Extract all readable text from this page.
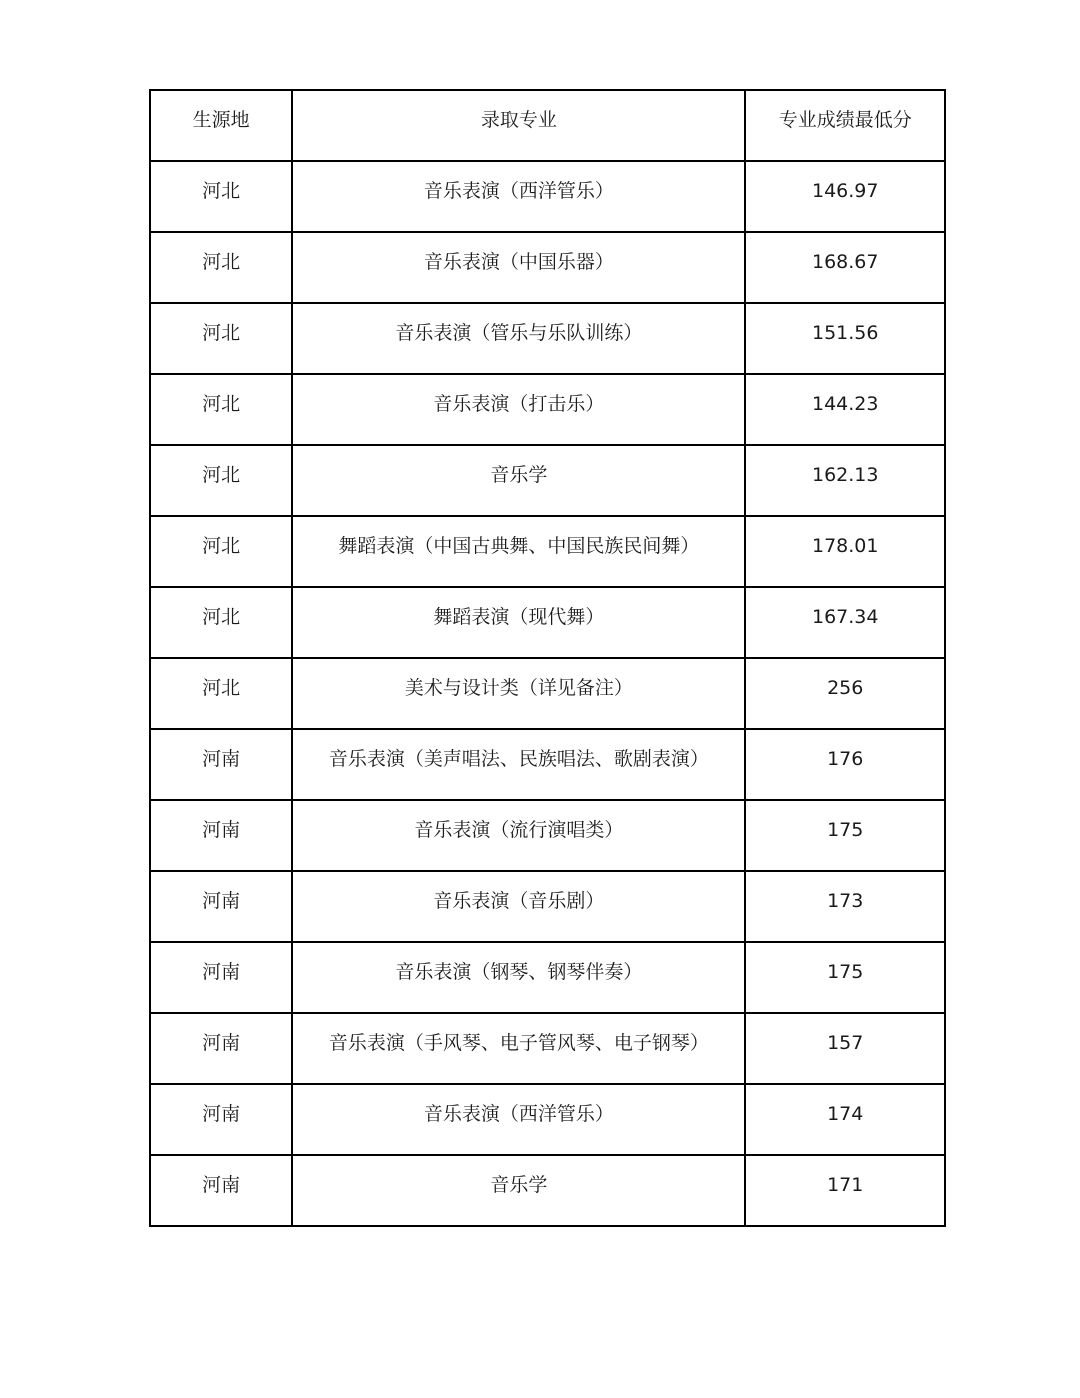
生源地	录取专业	专业成绩最低分

河北	音乐表演（西洋管乐）	146.97

河北	音乐表演（中国乐器）	168.67

河北	音乐表演（管乐与乐队训练）	151.56

河北	音乐表演（打击乐）	144.23

河北	音乐学	162.13

河北	舞蹈表演（中国古典舞、中国民族民间舞）	178.01

河北	舞蹈表演（现代舞）	167.34

河北	美术与设计类（详见备注）	256

河南	音乐表演（美声唱法、民族唱法、歌剧表演）	176

河南	音乐表演（流行演唱类）	175

河南	音乐表演（音乐剧）	173

河南	音乐表演（钢琴、钢琴伴奏）	175

河南	音乐表演（手风琴、电子管风琴、电子钢琴）	157

河南	音乐表演（西洋管乐）	174

河南	音乐学	171
